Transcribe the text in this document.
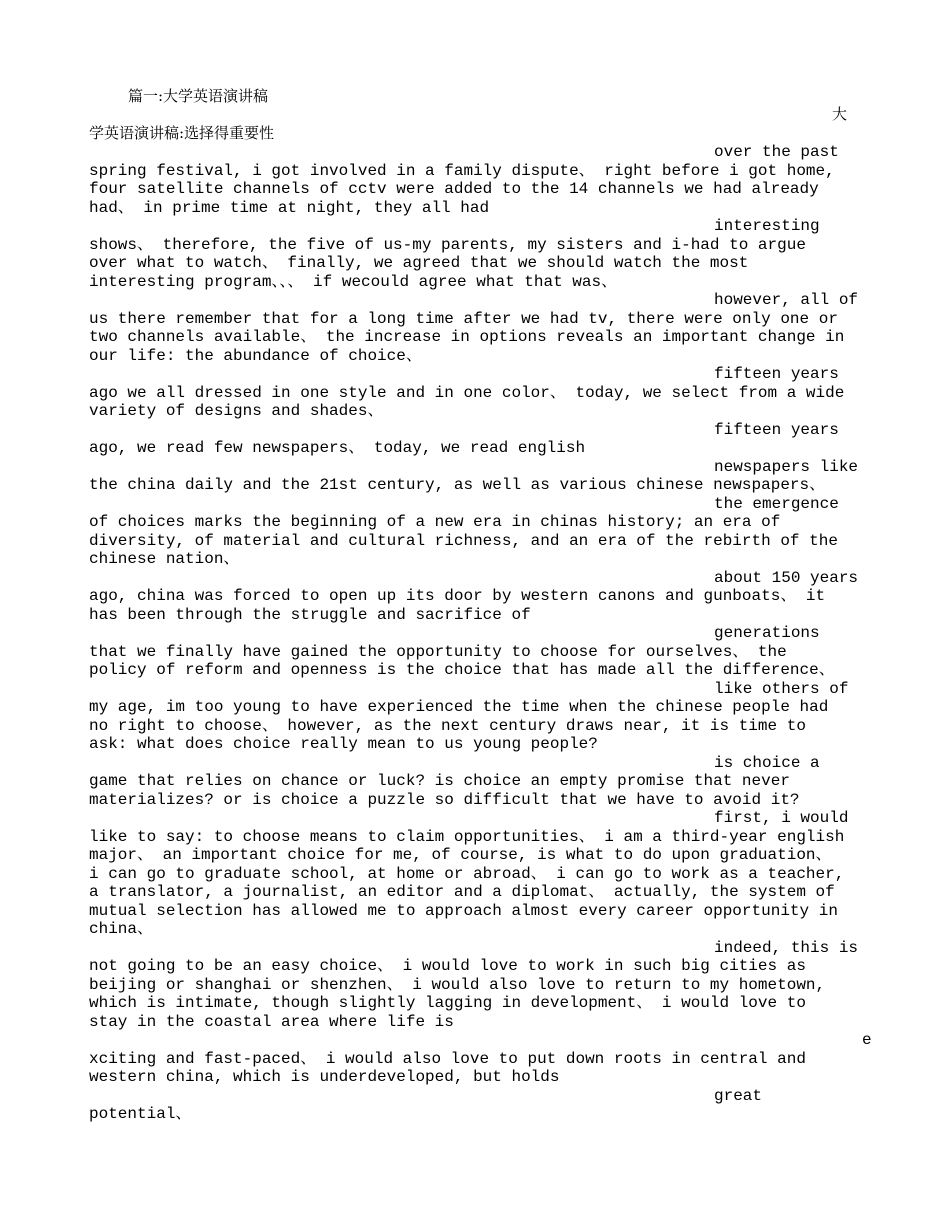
篇一:大学英语演讲稿
大
学英语演讲稿:选择得重要性
over the past
spring festival, i got involved in a family dispute、 right before i got home,
four satellite channels of cctv were added to the 14 channels we had already
had、 in prime time at night, they all had
interesting
shows、 therefore, the five of us-my parents, my sisters and i-had to argue
over what to watch、 finally, we agreed that we should watch the most
interesting program、、、 if wecould agree what that was、
however, all of
us there remember that for a long time after we had tv, there were only one or
two channels available、 the increase in options reveals an important change in
our life: the abundance of choice、
fifteen years
ago we all dressed in one style and in one color、 today, we select from a wide
variety of designs and shades、
fifteen years
ago, we read few newspapers、 today, we read english
newspapers like
the china daily and the 21st century, as well as various chinese newspapers、
the emergence
of choices marks the beginning of a new era in chinas history; an era of
diversity, of material and cultural richness, and an era of the rebirth of the
chinese nation、
about 150 years
ago, china was forced to open up its door by western canons and gunboats、 it
has been through the struggle and sacrifice of
generations
that we finally have gained the opportunity to choose for ourselves、 the
policy of reform and openness is the choice that has made all the difference、
like others of
my age, im too young to have experienced the time when the chinese people had
no right to choose、 however, as the next century draws near, it is time to
ask: what does choice really mean to us young people?
is choice a
game that relies on chance or luck? is choice an empty promise that never
materializes? or is choice a puzzle so difficult that we have to avoid it?
first, i would
like to say: to choose means to claim opportunities、 i am a third-year english
major、 an important choice for me, of course, is what to do upon graduation、
i can go to graduate school, at home or abroad、 i can go to work as a teacher,
a translator, a journalist, an editor and a diplomat、 actually, the system of
mutual selection has allowed me to approach almost every career opportunity in
china、
indeed, this is
not going to be an easy choice、 i would love to work in such big cities as
beijing or shanghai or shenzhen、 i would also love to return to my hometown,
which is intimate, though slightly lagging in development、 i would love to
stay in the coastal area where life is
e
xciting and fast-paced、 i would also love to put down roots in central and
western china, which is underdeveloped, but holds
great
potential、
